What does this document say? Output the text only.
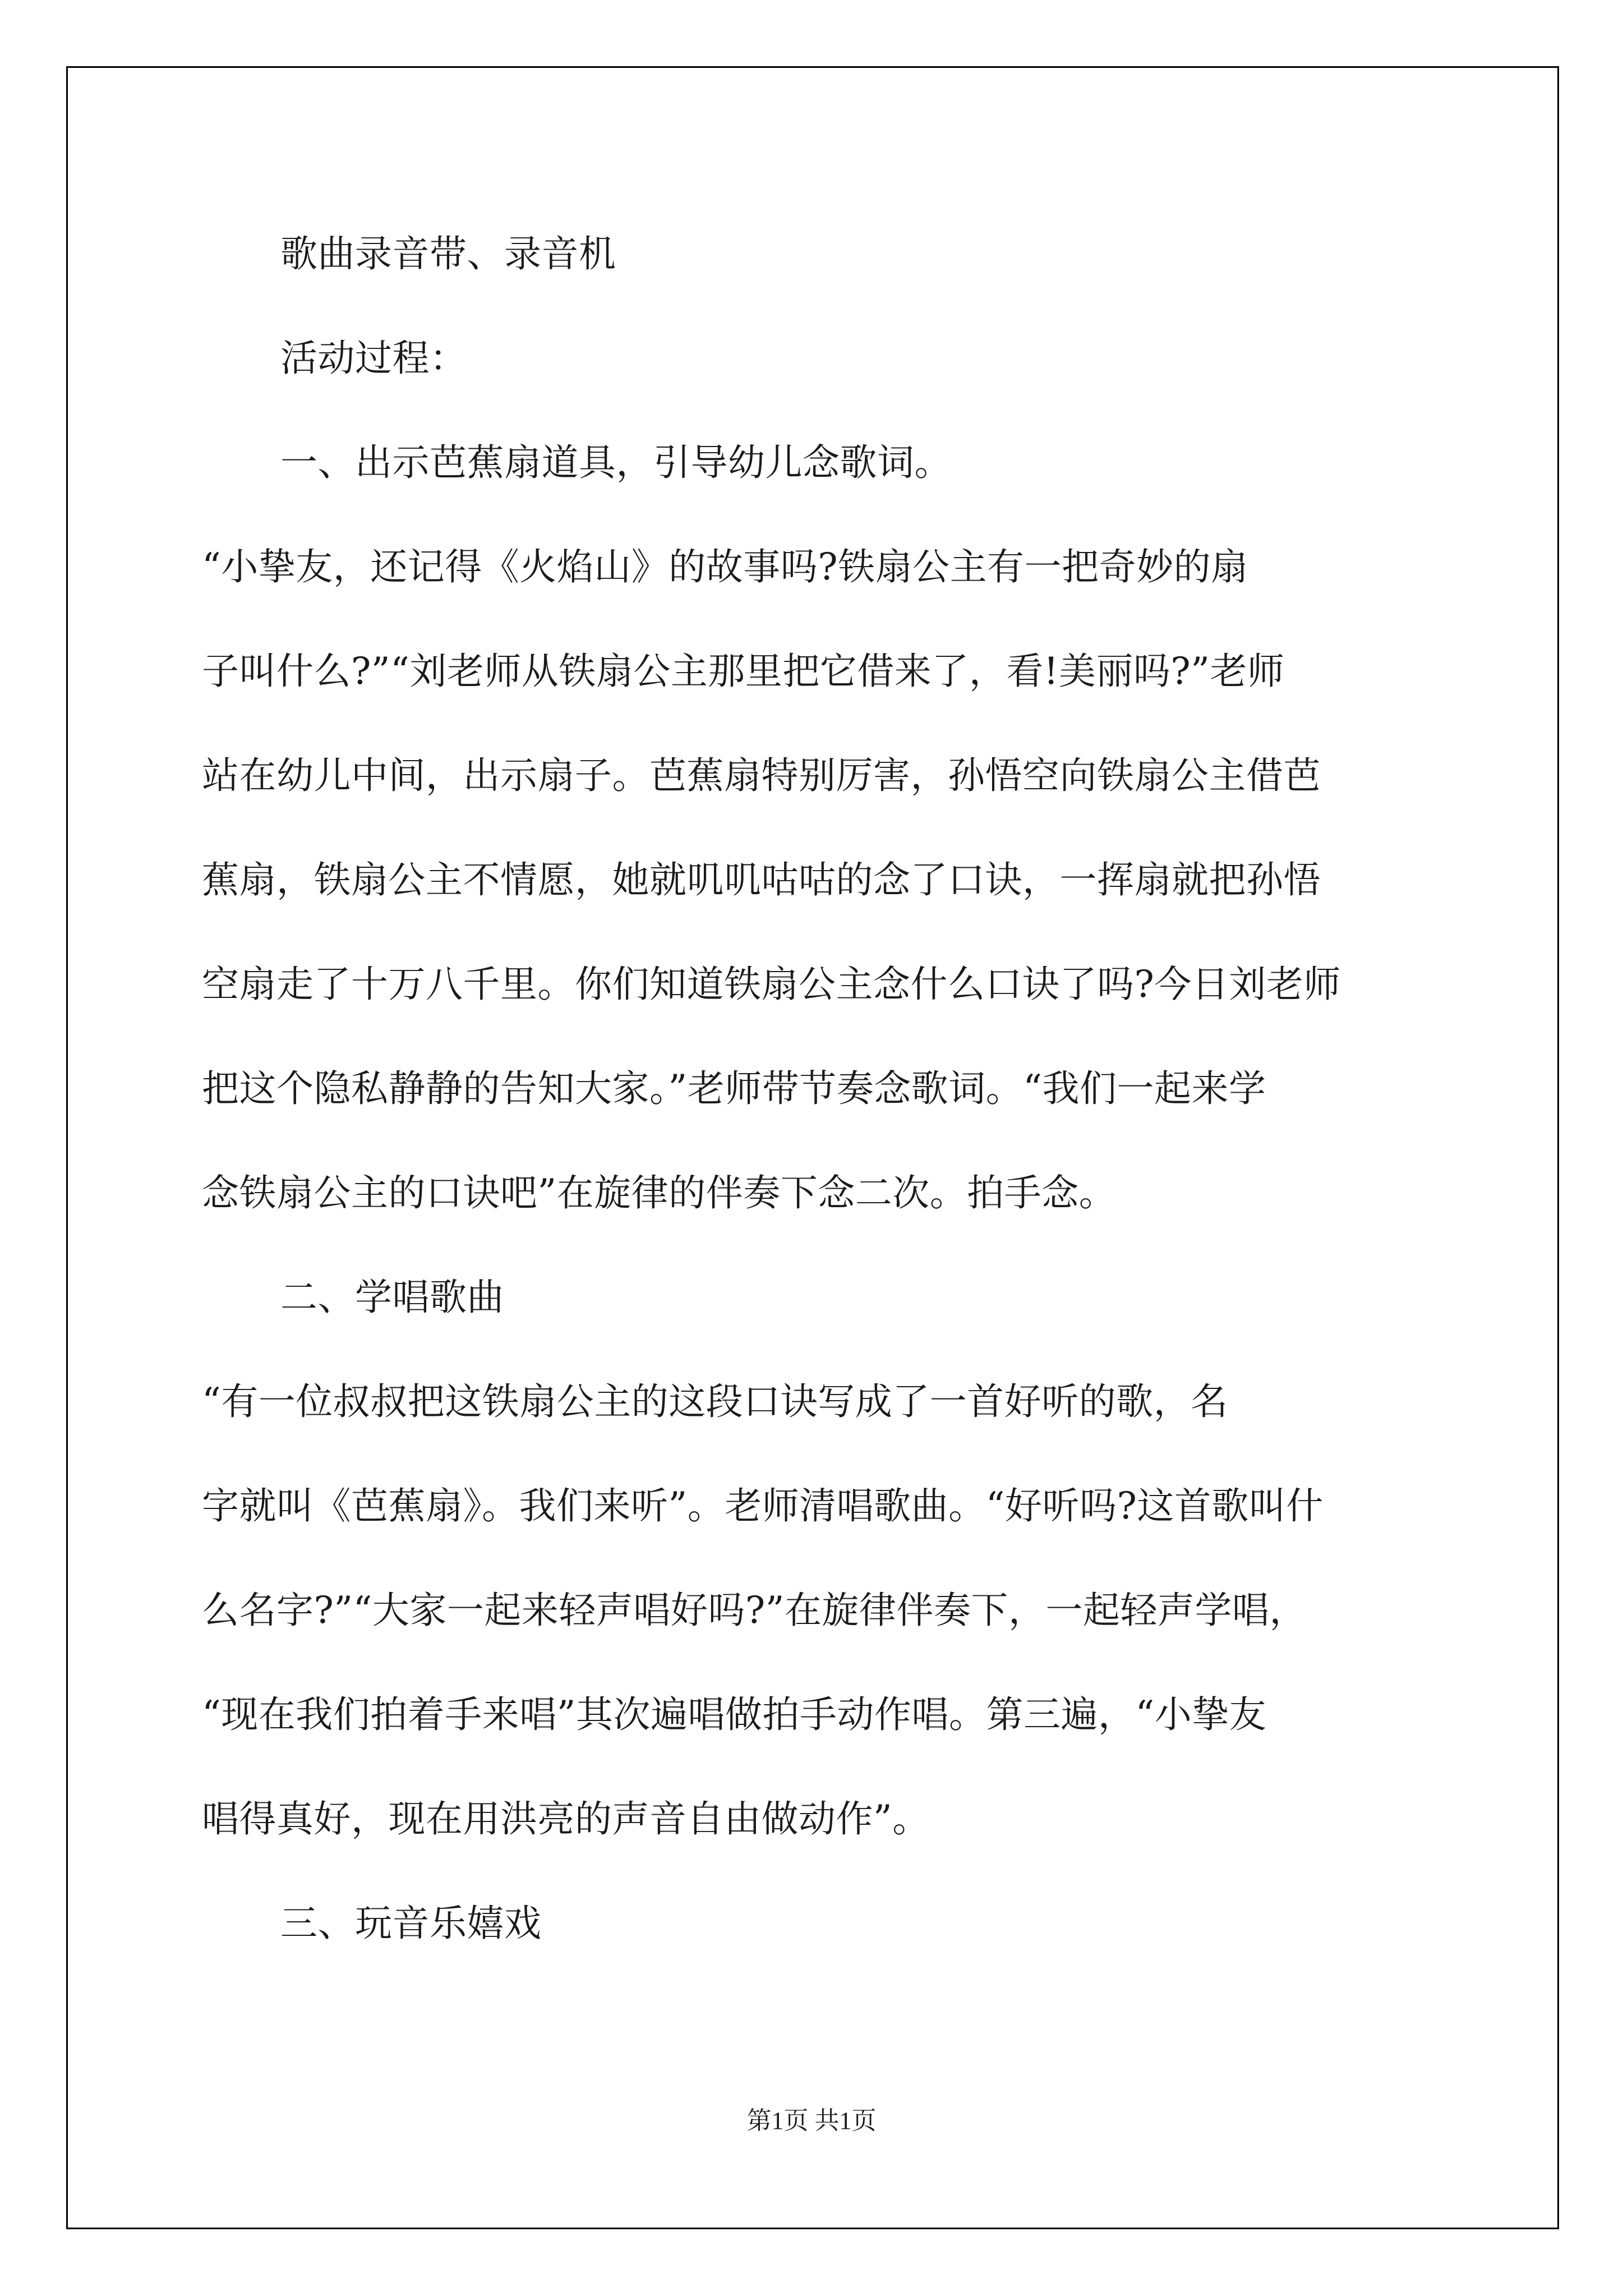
歌曲录音带、录音机

活动过程：

一、出示芭蕉扇道具，引导幼儿念歌词。

“小挚友，还记得《火焰山》的故事吗?铁扇公主有一把奇妙的扇
子叫什么?”“刘老师从铁扇公主那里把它借来了，看!美丽吗?”老师
站在幼儿中间，出示扇子。芭蕉扇特别厉害，孙悟空向铁扇公主借芭
蕉扇，铁扇公主不情愿，她就叽叽咕咕的念了口诀，一挥扇就把孙悟
空扇走了十万八千里。你们知道铁扇公主念什么口诀了吗?今日刘老师
把这个隐私静静的告知大家。”老师带节奏念歌词。“我们一起来学
念铁扇公主的口诀吧”在旋律的伴奏下念二次。拍手念。

二、学唱歌曲

“有一位叔叔把这铁扇公主的这段口诀写成了一首好听的歌，名
字就叫《芭蕉扇》。我们来听”。老师清唱歌曲。“好听吗?这首歌叫什
么名字?”“大家一起来轻声唱好吗?”在旋律伴奏下，一起轻声学唱，
“现在我们拍着手来唱”其次遍唱做拍手动作唱。第三遍，“小挚友
唱得真好，现在用洪亮的声音自由做动作”。

三、玩音乐嬉戏

第1页 共1页
